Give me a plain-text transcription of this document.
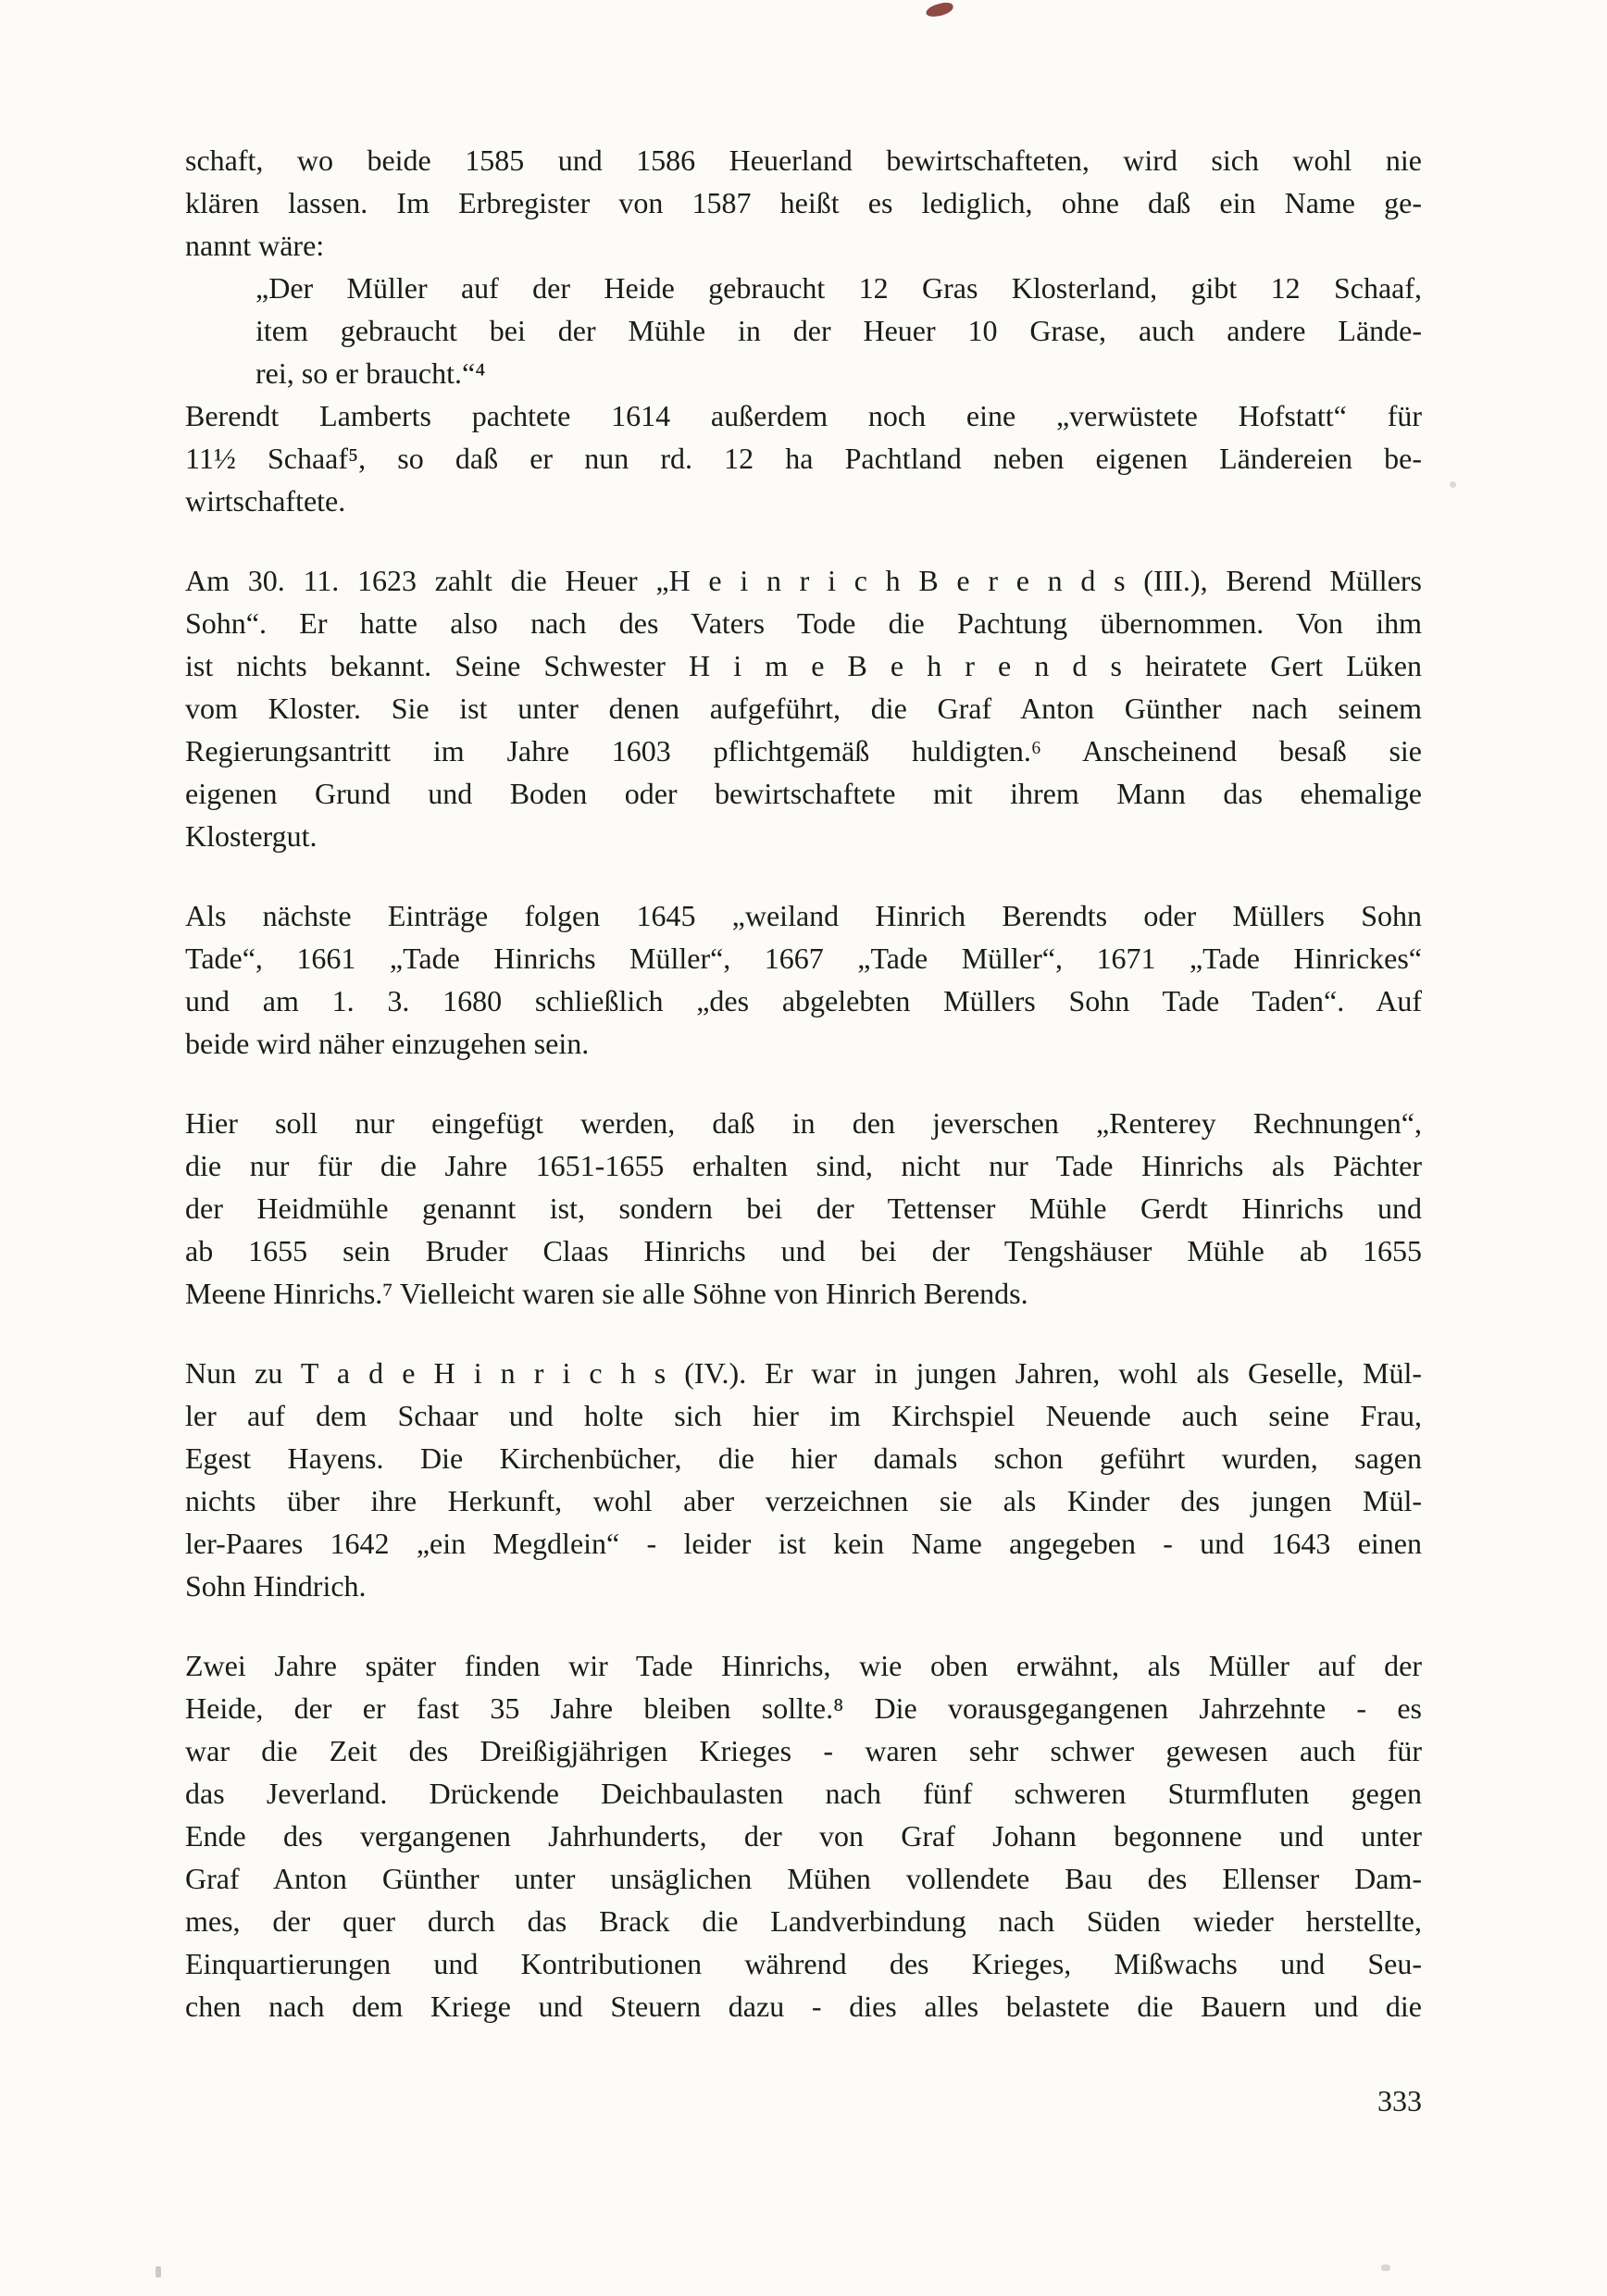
schaft, wo beide 1585 und 1586 Heuerland bewirtschafteten, wird sich wohl nie
klären lassen. Im Erbregister von 1587 heißt es lediglich, ohne daß ein Name ge-
nannt wäre:
„Der Müller auf der Heide gebraucht 12 Gras Klosterland, gibt 12 Schaaf,
item gebraucht bei der Mühle in der Heuer 10 Grase, auch andere Lände-
rei, so er braucht.“⁴
Berendt Lamberts pachtete 1614 außerdem noch eine „verwüstete Hofstatt“ für
11½ Schaaf⁵, so daß er nun rd. 12 ha Pachtland neben eigenen Ländereien be-
wirtschaftete.
Am 30. 11. 1623 zahlt die Heuer „H e i n r i c h B e r e n d s (III.), Berend Müllers
Sohn“. Er hatte also nach des Vaters Tode die Pachtung übernommen. Von ihm
ist nichts bekannt. Seine Schwester H i m e B e h r e n d s heiratete Gert Lüken
vom Kloster. Sie ist unter denen aufgeführt, die Graf Anton Günther nach seinem
Regierungsantritt im Jahre 1603 pflichtgemäß huldigten.⁶ Anscheinend besaß sie
eigenen Grund und Boden oder bewirtschaftete mit ihrem Mann das ehemalige
Klostergut.
Als nächste Einträge folgen 1645 „weiland Hinrich Berendts oder Müllers Sohn
Tade“, 1661 „Tade Hinrichs Müller“, 1667 „Tade Müller“, 1671 „Tade Hinrickes“
und am 1. 3. 1680 schließlich „des abgelebten Müllers Sohn Tade Taden“. Auf
beide wird näher einzugehen sein.
Hier soll nur eingefügt werden, daß in den jeverschen „Renterey Rechnungen“,
die nur für die Jahre 1651-1655 erhalten sind, nicht nur Tade Hinrichs als Pächter
der Heidmühle genannt ist, sondern bei der Tettenser Mühle Gerdt Hinrichs und
ab 1655 sein Bruder Claas Hinrichs und bei der Tengshäuser Mühle ab 1655
Meene Hinrichs.⁷ Vielleicht waren sie alle Söhne von Hinrich Berends.
Nun zu T a d e H i n r i c h s (IV.). Er war in jungen Jahren, wohl als Geselle, Mül-
ler auf dem Schaar und holte sich hier im Kirchspiel Neuende auch seine Frau,
Egest Hayens. Die Kirchenbücher, die hier damals schon geführt wurden, sagen
nichts über ihre Herkunft, wohl aber verzeichnen sie als Kinder des jungen Mül-
ler-Paares 1642 „ein Megdlein“ - leider ist kein Name angegeben - und 1643 einen
Sohn Hindrich.
Zwei Jahre später finden wir Tade Hinrichs, wie oben erwähnt, als Müller auf der
Heide, der er fast 35 Jahre bleiben sollte.⁸ Die vorausgegangenen Jahrzehnte - es
war die Zeit des Dreißigjährigen Krieges - waren sehr schwer gewesen auch für
das Jeverland. Drückende Deichbaulasten nach fünf schweren Sturmfluten gegen
Ende des vergangenen Jahrhunderts, der von Graf Johann begonnene und unter
Graf Anton Günther unter unsäglichen Mühen vollendete Bau des Ellenser Dam-
mes, der quer durch das Brack die Landverbindung nach Süden wieder herstellte,
Einquartierungen und Kontributionen während des Krieges, Mißwachs und Seu-
chen nach dem Kriege und Steuern dazu - dies alles belastete die Bauern und die
333
